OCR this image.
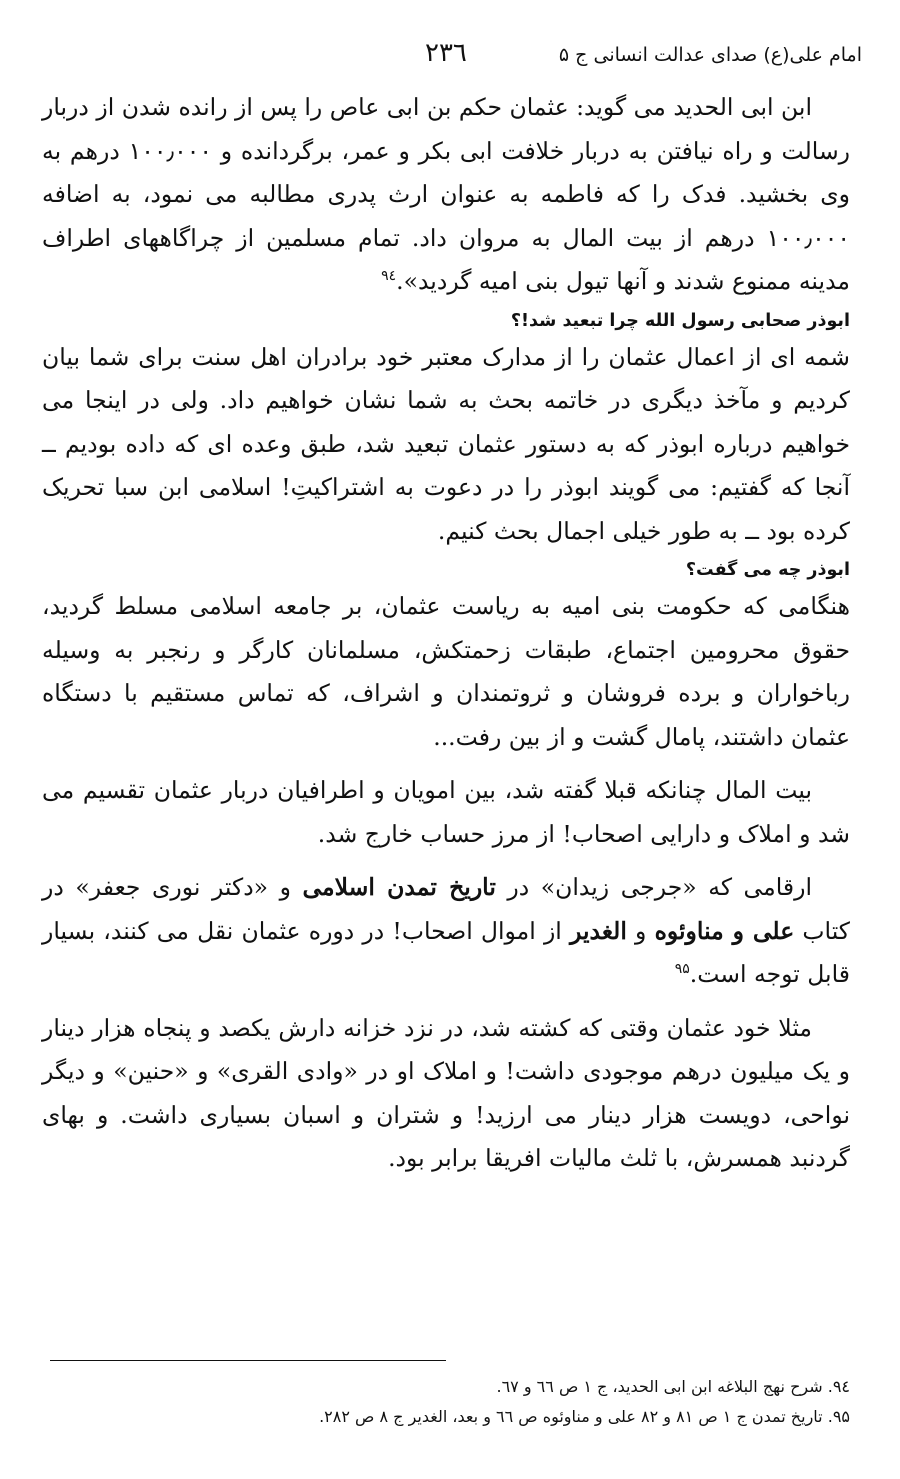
امام علی(ع) صدای عدالت انسانی ج ۵
۲۳٦

ابن ابی الحدید می گوید: عثمان حکم بن ابی عاص را پس از رانده شدن از دربار رسالت و راه نیافتن به دربار خلافت ابی بکر و عمر، برگردانده و ۱۰۰٫۰۰۰ درهم به وی بخشید. فدک را که فاطمه به عنوان ارث پدری مطالبه می نمود، به اضافه ۱۰۰٫۰۰۰ درهم از بیت المال به مروان داد. تمام مسلمین از چراگاههای اطراف مدینه ممنوع شدند و آنها تیول بنی امیه گردید».$^{۹٤}$

ابوذر صحابی رسول الله چرا تبعید شد!؟

شمه ای از اعمال عثمان را از مدارک معتبر خود برادران اهل سنت برای شما بیان کردیم و مآخذ دیگری در خاتمه بحث به شما نشان خواهیم داد. ولی در اینجا می خواهیم درباره ابوذر که به دستور عثمان تبعید شد، طبق وعده ای که داده بودیم ــ آنجا که گفتیم: می گویند ابوذر را در دعوت به اشتراکیتِ! اسلامی ابن سبا تحریک کرده بود ــ به طور خیلی اجمال بحث کنیم.

ابوذر چه می گفت؟

هنگامی که حکومت بنی امیه به ریاست عثمان، بر جامعه اسلامی مسلط گردید، حقوق محرومین اجتماع، طبقات زحمتکش، مسلمانان کارگر و رنجبر به وسیله رباخواران و برده فروشان و ثروتمندان و اشراف، که تماس مستقیم با دستگاه عثمان داشتند، پامال گشت و از بین رفت...

بیت المال چنانکه قبلا گفته شد، بین امویان و اطرافیان دربار عثمان تقسیم می شد و املاک و دارایی اصحاب! از مرز حساب خارج شد.

ارقامی که «جرجی زیدان» در تاریخ تمدن اسلامی و «دکتر نوری جعفر» در کتاب علی و مناوئوه و الغدیر از اموال اصحاب! در دوره عثمان نقل می کنند، بسیار قابل توجه است.$^{۹۵}$

مثلا خود عثمان وقتی که کشته شد، در نزد خزانه دارش یکصد و پنجاه هزار دینار و یک میلیون درهم موجودی داشت! و املاک او در «وادی القری» و «حنین» و دیگر نواحی، دویست هزار دینار می ارزید! و شتران و اسبان بسیاری داشت. و بهای گردنبد همسرش، با ثلث مالیات افریقا برابر بود.

۹٤. شرح نهج البلاغه ابن ابی الحدید، ج ۱ ص ٦٦ و ٦۷.
۹۵. تاریخ تمدن ج ۱ ص ۸۱ و ۸۲ علی و مناوئوه ص ٦٦ و بعد، الغدیر ج ۸ ص ۲۸۲.
